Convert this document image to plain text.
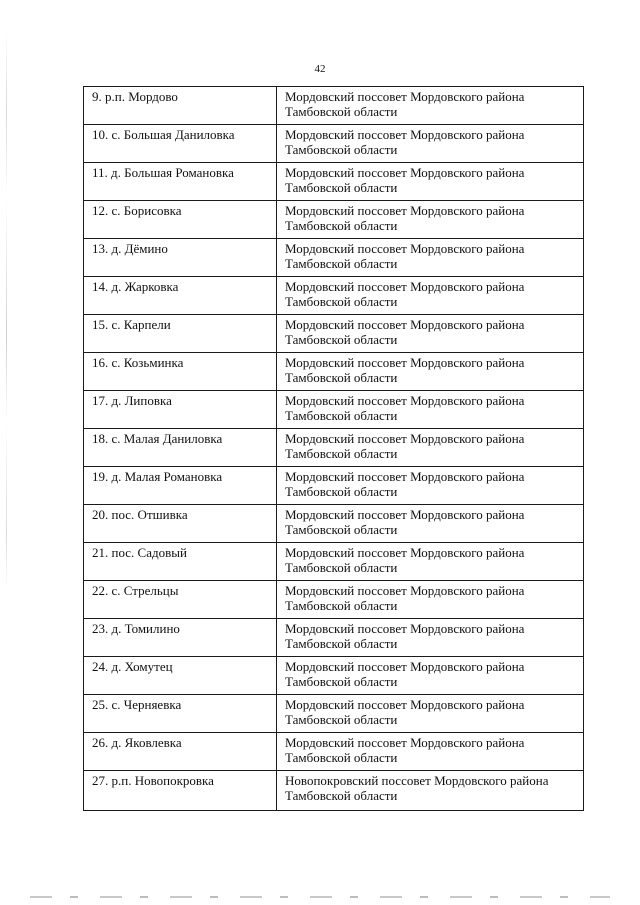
42
9. р.п. Мордово	Мордовский поссовет Мордовского района
Тамбовской области
10. с. Большая Даниловка	Мордовский поссовет Мордовского района
Тамбовской области
11. д. Большая Романовка	Мордовский поссовет Мордовского района
Тамбовской области
12. с. Борисовка	Мордовский поссовет Мордовского района
Тамбовской области
13. д. Дёмино	Мордовский поссовет Мордовского района
Тамбовской области
14. д. Жарковка	Мордовский поссовет Мордовского района
Тамбовской области
15. с. Карпели	Мордовский поссовет Мордовского района
Тамбовской области
16. с. Козьминка	Мордовский поссовет Мордовского района
Тамбовской области
17. д. Липовка	Мордовский поссовет Мордовского района
Тамбовской области
18. с. Малая Даниловка	Мордовский поссовет Мордовского района
Тамбовской области
19. д. Малая Романовка	Мордовский поссовет Мордовского района
Тамбовской области
20. пос. Отшивка	Мордовский поссовет Мордовского района
Тамбовской области
21. пос. Садовый	Мордовский поссовет Мордовского района
Тамбовской области
22. с. Стрельцы	Мордовский поссовет Мордовского района
Тамбовской области
23. д. Томилино	Мордовский поссовет Мордовского района
Тамбовской области
24. д. Хомутец	Мордовский поссовет Мордовского района
Тамбовской области
25. с. Черняевка	Мордовский поссовет Мордовского района
Тамбовской области
26. д. Яковлевка	Мордовский поссовет Мордовского района
Тамбовской области
27. р.п. Новопокровка	Новопокровский поссовет Мордовского района
Тамбовской области
